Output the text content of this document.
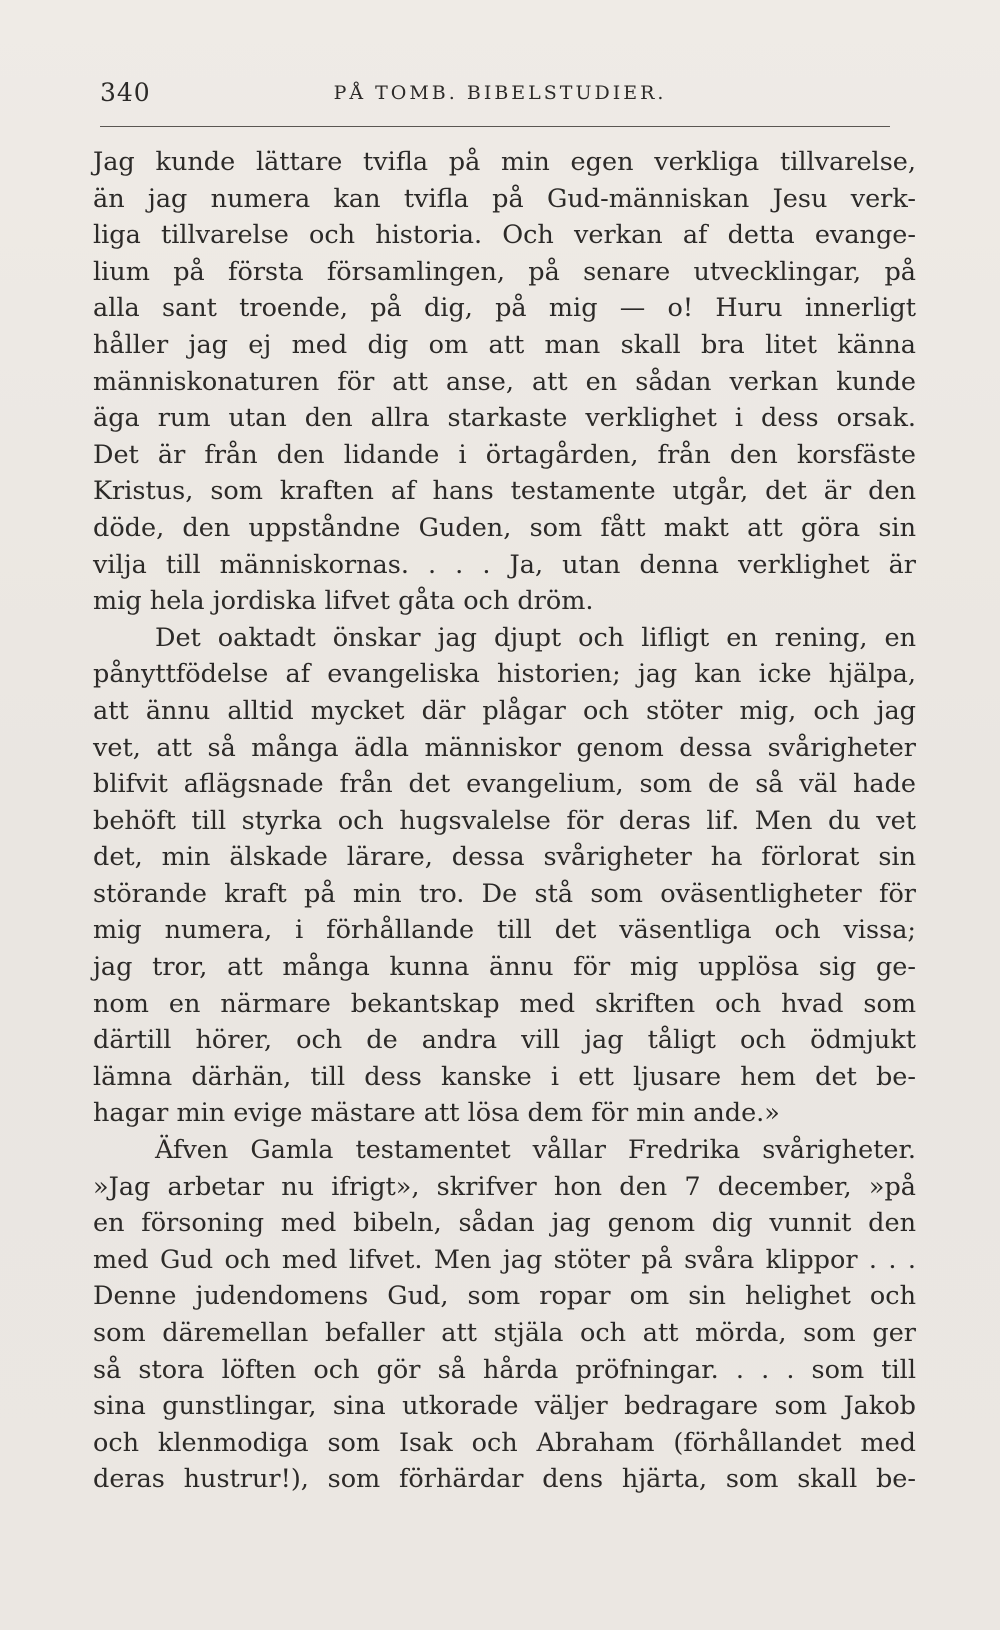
340	PÅ TOMB. BIBELSTUDIER.
Jag kunde lättare tvifla på min egen verkliga tillvarelse,
än jag numera kan tvifla på Gud-människan Jesu verk-
liga tillvarelse och historia. Och verkan af detta evange-
lium på första församlingen, på senare utvecklingar, på
alla sant troende, på dig, på mig — o! Huru innerligt
håller jag ej med dig om att man skall bra litet känna
människonaturen för att anse, att en sådan verkan kunde
äga rum utan den allra starkaste verklighet i dess orsak.
Det är från den lidande i örtagården, från den korsfäste
Kristus, som kraften af hans testamente utgår, det är den
döde, den uppståndne Guden, som fått makt att göra sin
vilja till människornas. . . . Ja, utan denna verklighet är
mig hela jordiska lifvet gåta och dröm.
Det oaktadt önskar jag djupt och lifligt en rening, en
pånyttfödelse af evangeliska historien; jag kan icke hjälpa,
att ännu alltid mycket där plågar och stöter mig, och jag
vet, att så många ädla människor genom dessa svårigheter
blifvit aflägsnade från det evangelium, som de så väl hade
behöft till styrka och hugsvalelse för deras lif. Men du vet
det, min älskade lärare, dessa svårigheter ha förlorat sin
störande kraft på min tro. De stå som oväsentligheter för
mig numera, i förhållande till det väsentliga och vissa;
jag tror, att många kunna ännu för mig upplösa sig ge-
nom en närmare bekantskap med skriften och hvad som
därtill hörer, och de andra vill jag tåligt och ödmjukt
lämna därhän, till dess kanske i ett ljusare hem det be-
hagar min evige mästare att lösa dem för min ande.»
Äfven Gamla testamentet vållar Fredrika svårigheter.
»Jag arbetar nu ifrigt», skrifver hon den 7 december, »på
en försoning med bibeln, sådan jag genom dig vunnit den
med Gud och med lifvet. Men jag stöter på svåra klippor . . .
Denne judendomens Gud, som ropar om sin helighet och
som däremellan befaller att stjäla och att mörda, som ger
så stora löften och gör så hårda pröfningar. . . . som till
sina gunstlingar, sina utkorade väljer bedragare som Jakob
och klenmodiga som Isak och Abraham (förhållandet med
deras hustrur!), som förhärdar dens hjärta, som skall be-
